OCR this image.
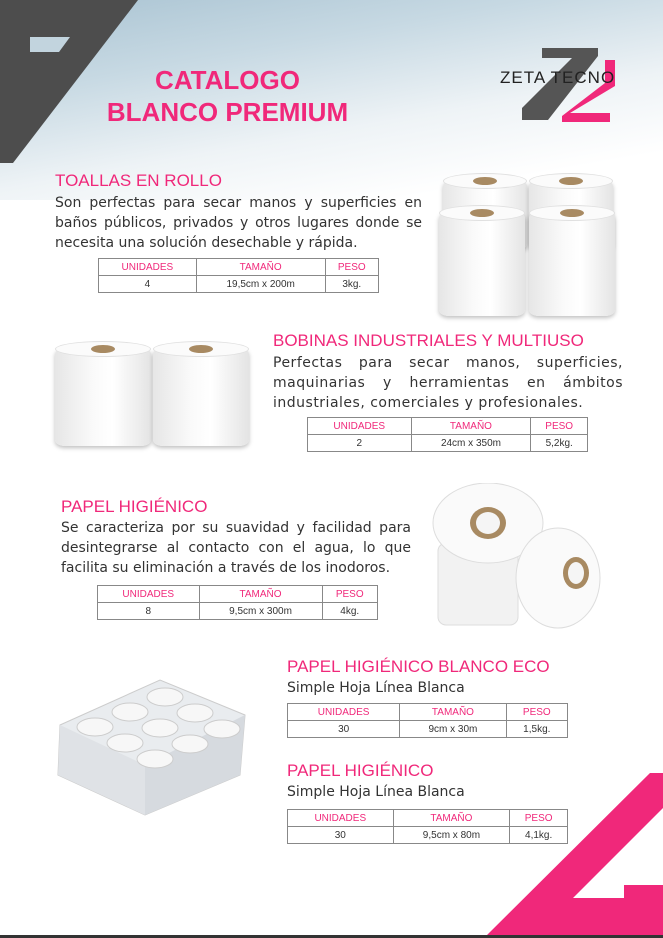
CATALOGO
BLANCO PREMIUM
ZETA TECNO
TOALLAS EN ROLLO
Son perfectas para secar manos y superficies en baños públicos, privados y otros lugares donde se necesita una solución desechable y rápida.
UNIDADES	TAMAÑO	PESO
4	19,5cm x 200m	3kg.
BOBINAS INDUSTRIALES Y MULTIUSO
Perfectas para secar manos, superficies, maquinarias y herramientas en ámbitos industriales, comerciales y profesionales.
UNIDADES	TAMAÑO	PESO
2	24cm x 350m	5,2kg.
PAPEL HIGIÉNICO
Se caracteriza por su suavidad y facilidad para desintegrarse al contacto con el agua, lo que facilita su eliminación a través de los inodoros.
UNIDADES	TAMAÑO	PESO
8	9,5cm x 300m	4kg.
PAPEL HIGIÉNICO BLANCO ECO
Simple Hoja Línea Blanca
UNIDADES	TAMAÑO	PESO
30	9cm x 30m	1,5kg.
PAPEL HIGIÉNICO
Simple Hoja Línea Blanca
UNIDADES	TAMAÑO	PESO
30	9,5cm x 80m	4,1kg.
